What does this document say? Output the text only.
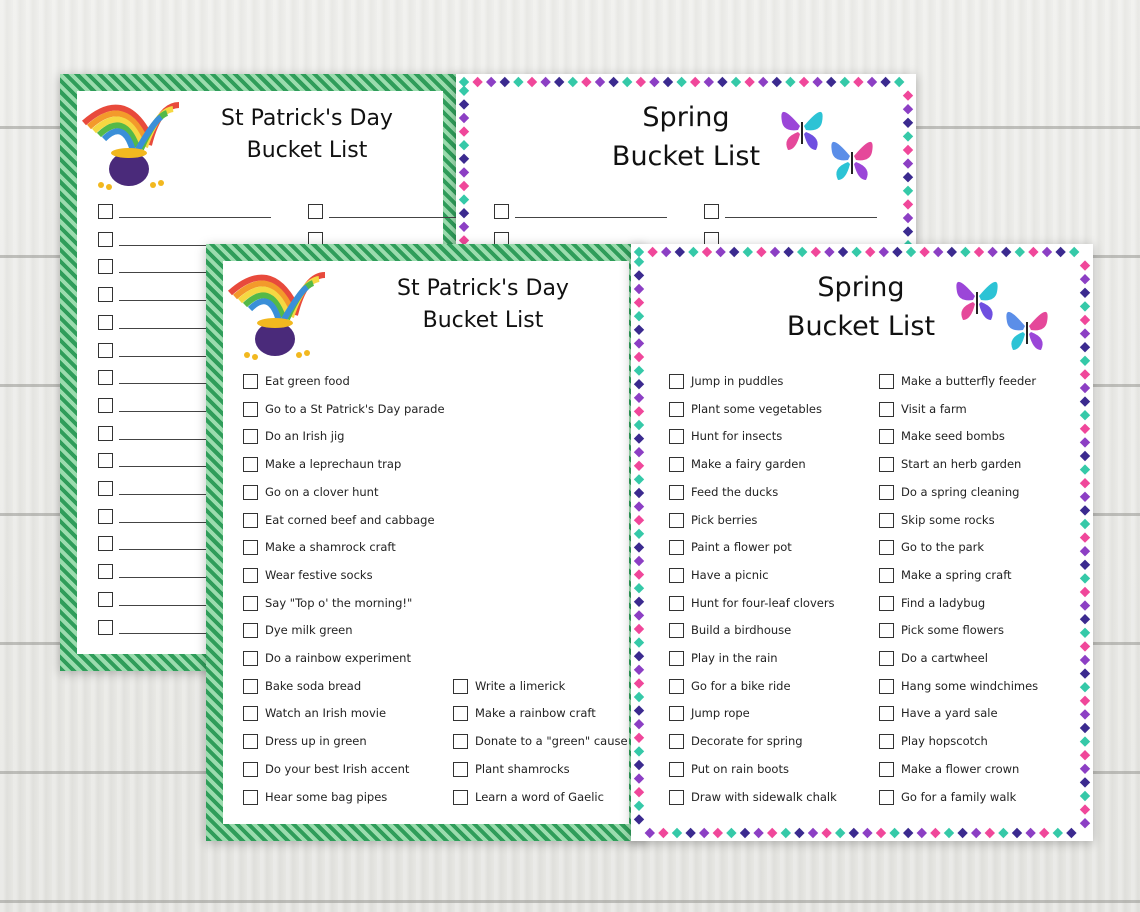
St Patrick's Day
Bucket List
Spring
Bucket List
St Patrick's Day
Bucket List
Eat green food
Go to a St Patrick's Day parade
Do an Irish jig
Make a leprechaun trap
Go on a clover hunt
Eat corned beef and cabbage
Make a shamrock craft
Wear festive socks
Say "Top o' the morning!"
Dye milk green
Do a rainbow experiment
Bake soda bread
Watch an Irish movie
Dress up in green
Do your best Irish accent
Hear some bag pipes
Write a limerick
Make a rainbow craft
Donate to a "green" cause
Plant shamrocks
Learn a word of Gaelic
Spring
Bucket List
Jump in puddles
Plant some vegetables
Hunt for insects
Make a fairy garden
Feed the ducks
Pick berries
Paint a flower pot
Have a picnic
Hunt for four-leaf clovers
Build a birdhouse
Play in the rain
Go for a bike ride
Jump rope
Decorate for spring
Put on rain boots
Draw with sidewalk chalk
Make a butterfly feeder
Visit a farm
Make seed bombs
Start an herb garden
Do a spring cleaning
Skip some rocks
Go to the park
Make a spring craft
Find a ladybug
Pick some flowers
Do a cartwheel
Hang some windchimes
Have a yard sale
Play hopscotch
Make a flower crown
Go for a family walk
